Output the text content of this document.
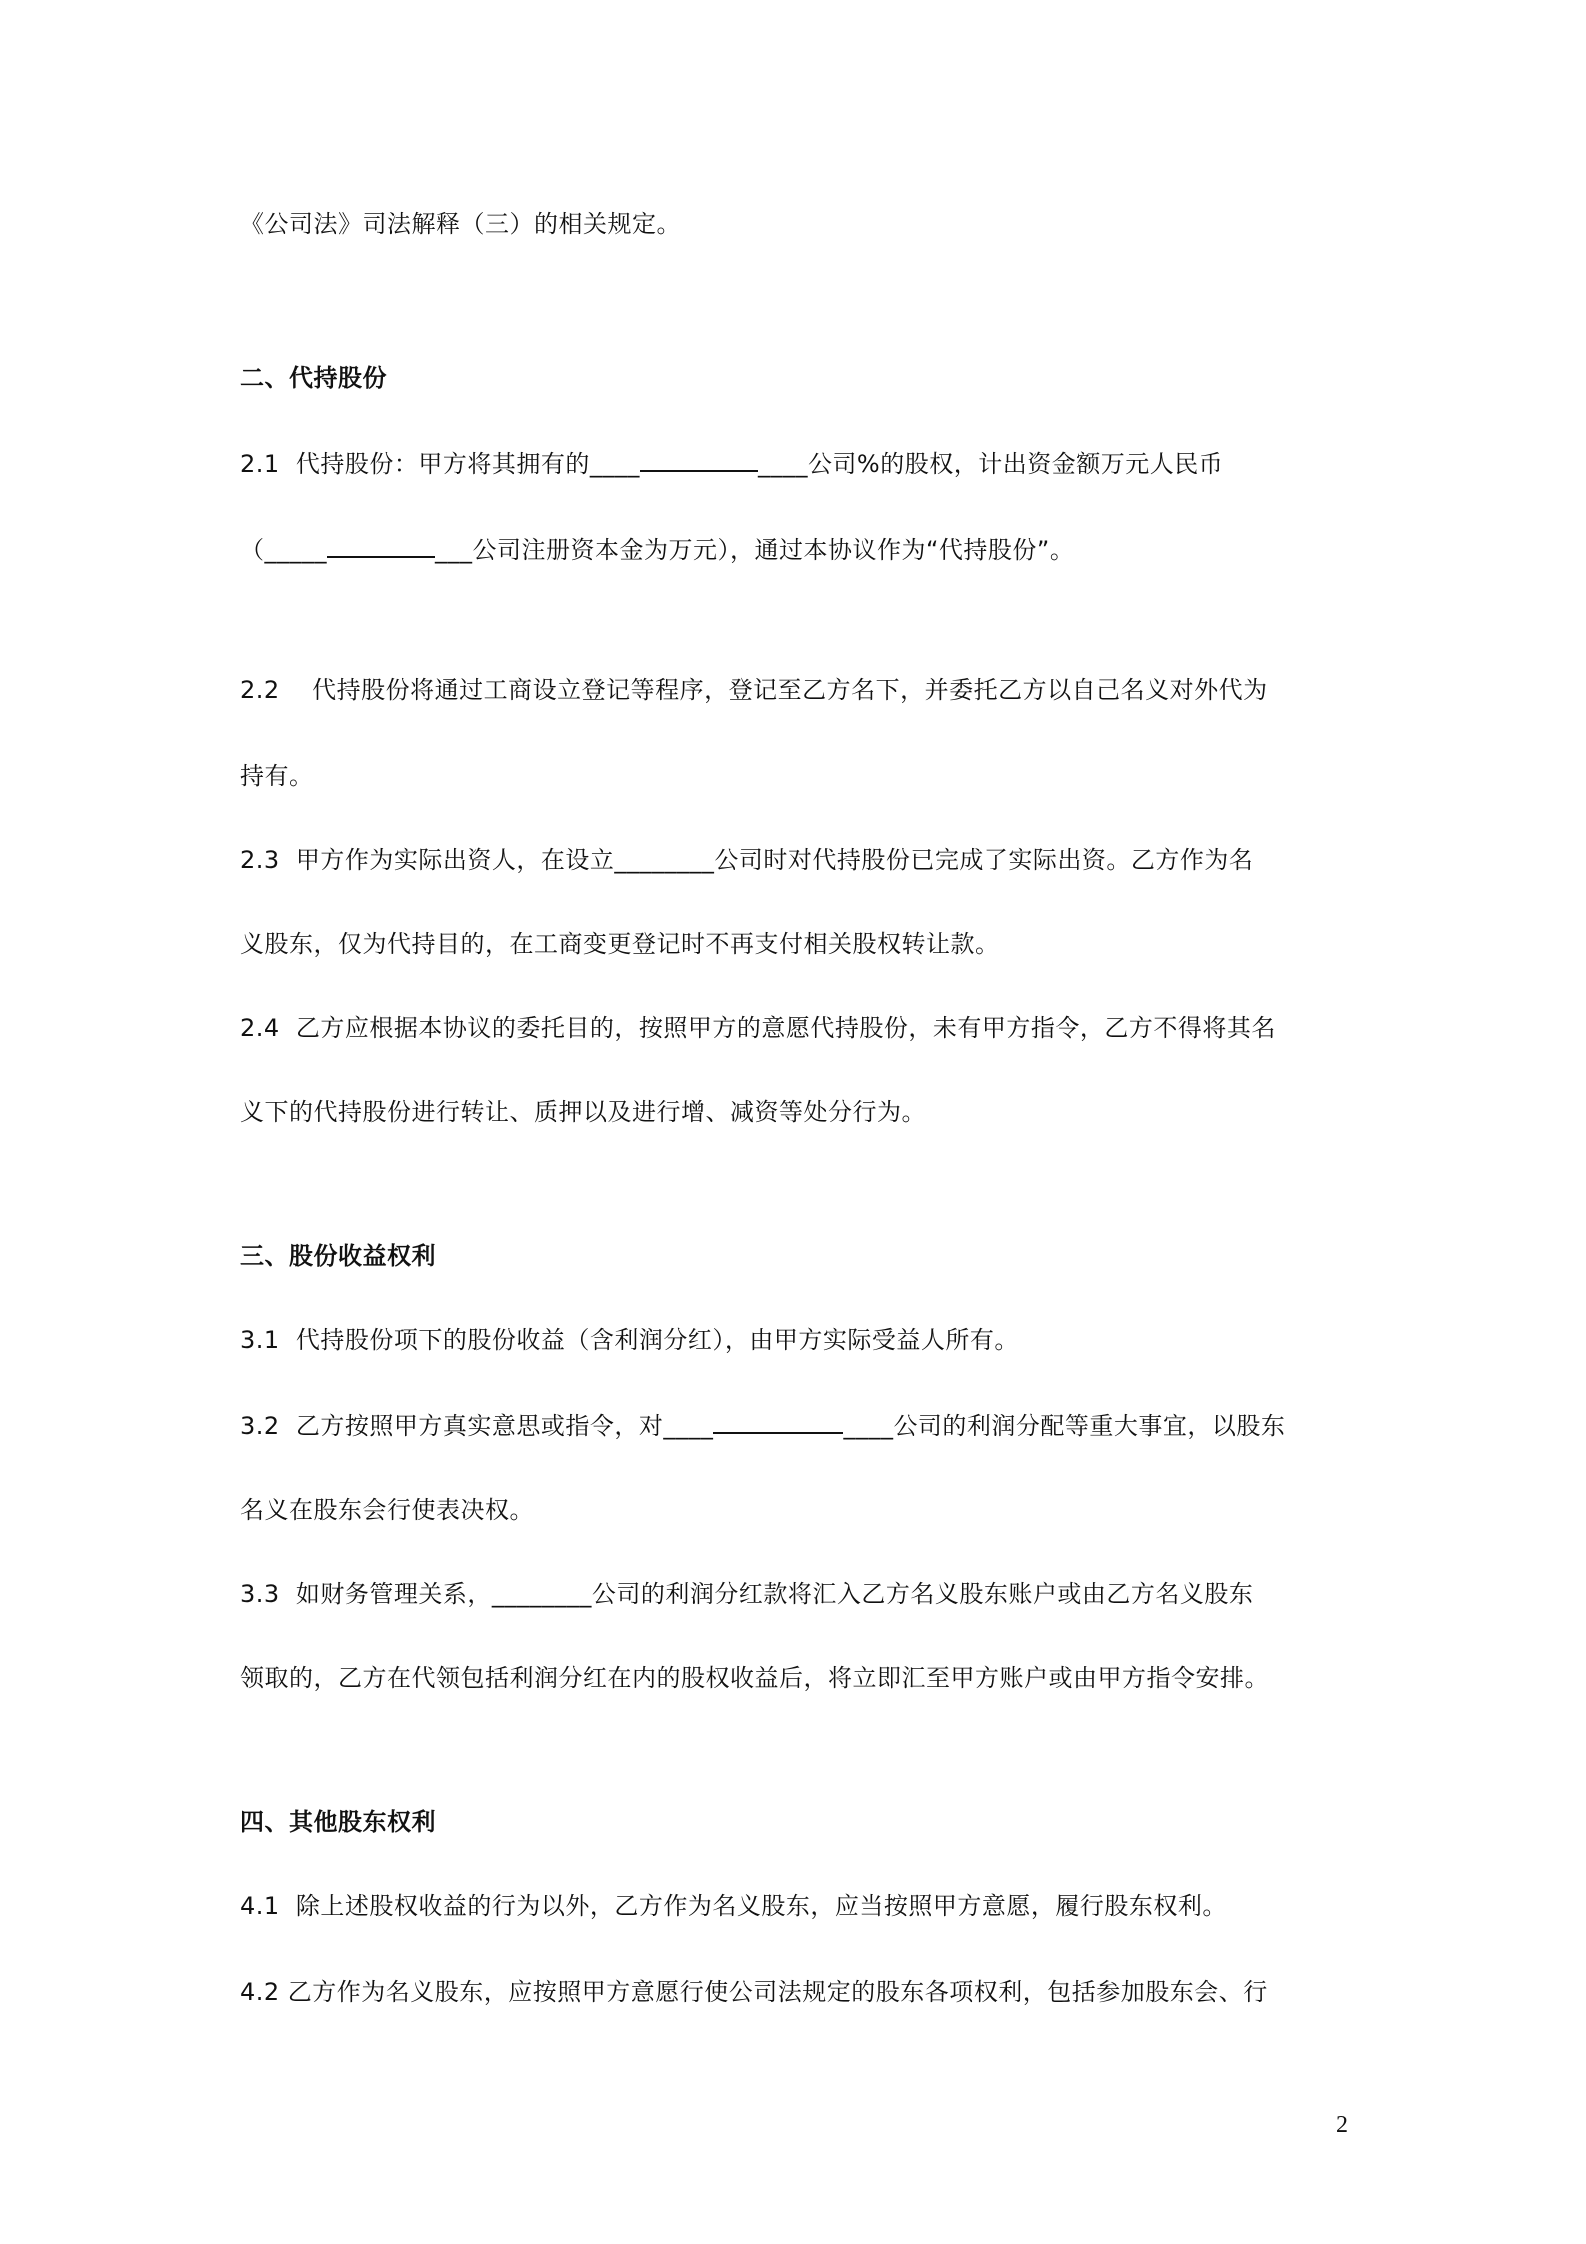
《公司法》司法解释（三）的相关规定。
二、代持股份
2.1  代持股份：甲方将其拥有的____	____公司%的股权，计出资金额万元人民币
（_____	___公司注册资本金为万元），通过本协议作为“代持股份”。
2.2    代持股份将通过工商设立登记等程序，登记至乙方名下，并委托乙方以自己名义对外代为
持有。
2.3  甲方作为实际出资人，在设立________公司时对代持股份已完成了实际出资。乙方作为名
义股东，仅为代持目的，在工商变更登记时不再支付相关股权转让款。
2.4  乙方应根据本协议的委托目的，按照甲方的意愿代持股份，未有甲方指令，乙方不得将其名
义下的代持股份进行转让、质押以及进行增、减资等处分行为。
三、股份收益权利
3.1  代持股份项下的股份收益（含利润分红），由甲方实际受益人所有。
3.2  乙方按照甲方真实意思或指令，对____	____公司的利润分配等重大事宜，以股东
名义在股东会行使表决权。
3.3  如财务管理关系，________公司的利润分红款将汇入乙方名义股东账户或由乙方名义股东
领取的，乙方在代领包括利润分红在内的股权收益后，将立即汇至甲方账户或由甲方指令安排。
四、其他股东权利
4.1  除上述股权收益的行为以外，乙方作为名义股东，应当按照甲方意愿，履行股东权利。
4.2 乙方作为名义股东，应按照甲方意愿行使公司法规定的股东各项权利，包括参加股东会、行
2
